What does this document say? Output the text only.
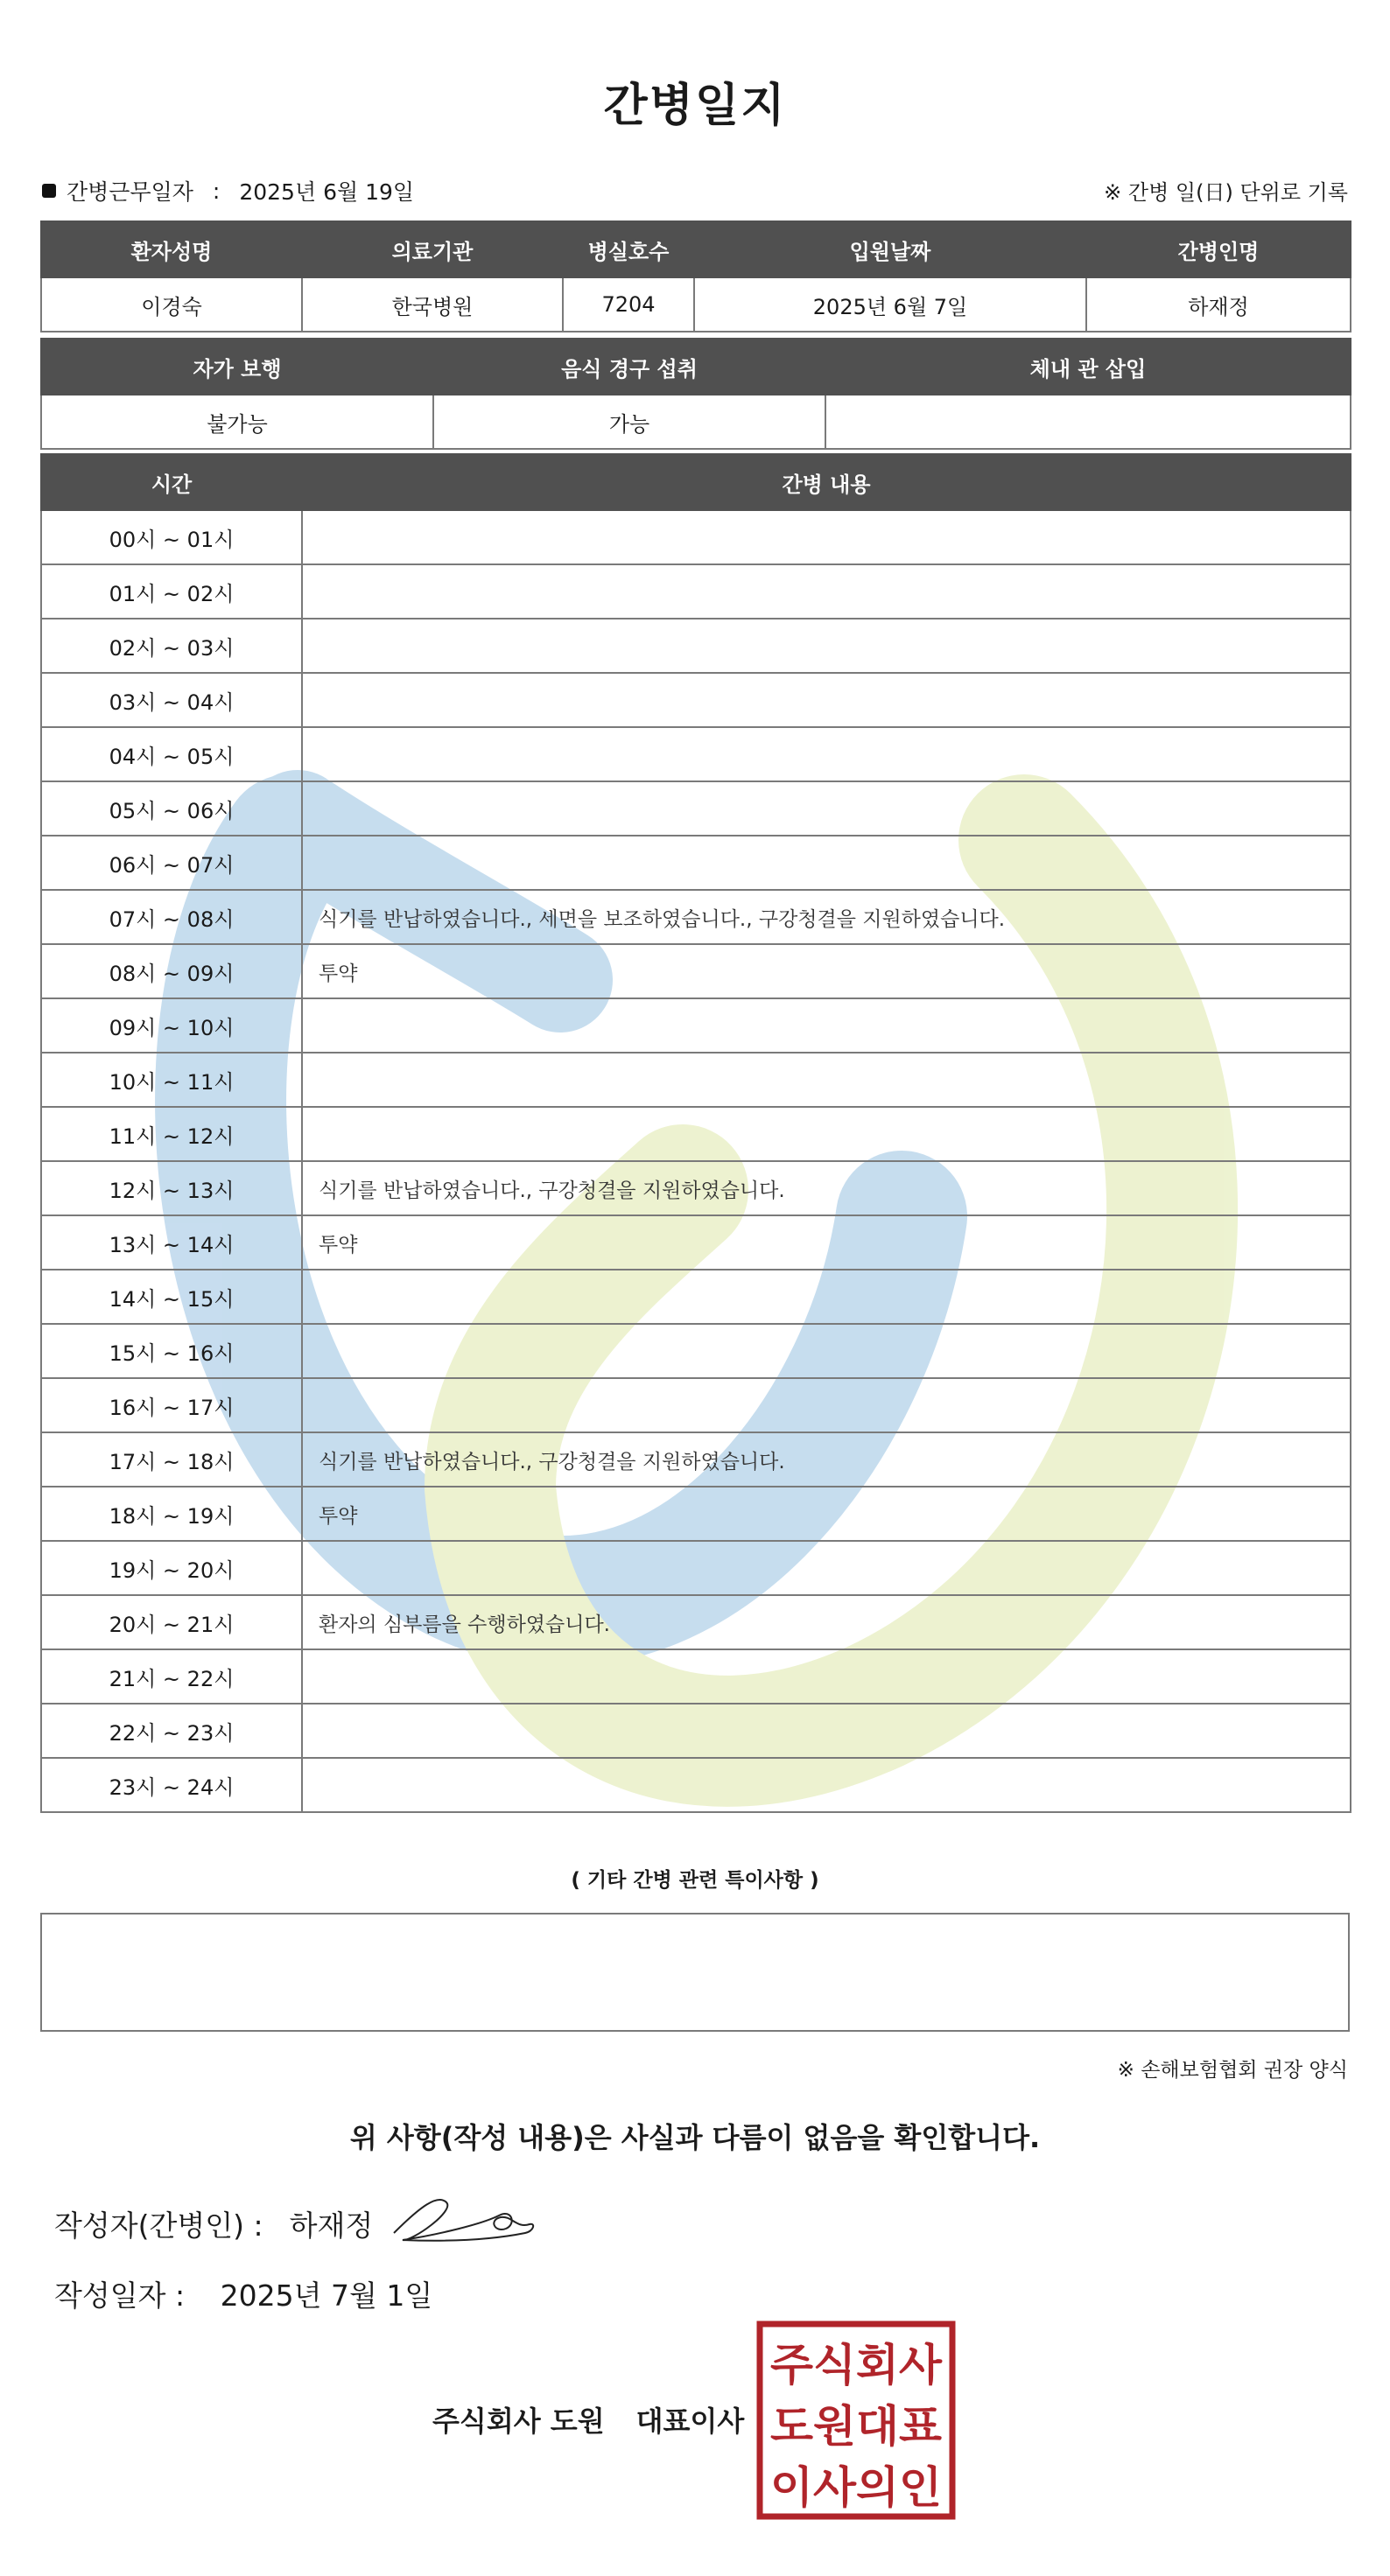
간병일지
간병근무일자 : 2025년 6월 19일	※ 간병 일(日) 단위로 기록
환자성명	의료기관	병실호수	입원날짜	간병인명
이경숙	한국병원	7204	2025년 6월 7일	하재정
자가 보행	음식 경구 섭취	체내 관 삽입
불가능	가능	
시간	간병 내용
00시 ~ 01시	
01시 ~ 02시	
02시 ~ 03시	
03시 ~ 04시	
04시 ~ 05시	
05시 ~ 06시	
06시 ~ 07시	
07시 ~ 08시	식기를 반납하였습니다., 세면을 보조하였습니다., 구강청결을 지원하였습니다.
08시 ~ 09시	투약
09시 ~ 10시	
10시 ~ 11시	
11시 ~ 12시	
12시 ~ 13시	식기를 반납하였습니다., 구강청결을 지원하였습니다.
13시 ~ 14시	투약
14시 ~ 15시	
15시 ~ 16시	
16시 ~ 17시	
17시 ~ 18시	식기를 반납하였습니다., 구강청결을 지원하였습니다.
18시 ~ 19시	투약
19시 ~ 20시	
20시 ~ 21시	환자의 심부름을 수행하였습니다.
21시 ~ 22시	
22시 ~ 23시	
23시 ~ 24시	
( 기타 간병 관련 특이사항 )
※ 손해보험협회 권장 양식
위 사항(작성 내용)은 사실과 다름이 없음을 확인합니다.
작성자(간병인) : 하재정
작성일자 : 2025년 7월 1일
주식회사 도원 대표이사
주식회사
도원대표
이사의인
